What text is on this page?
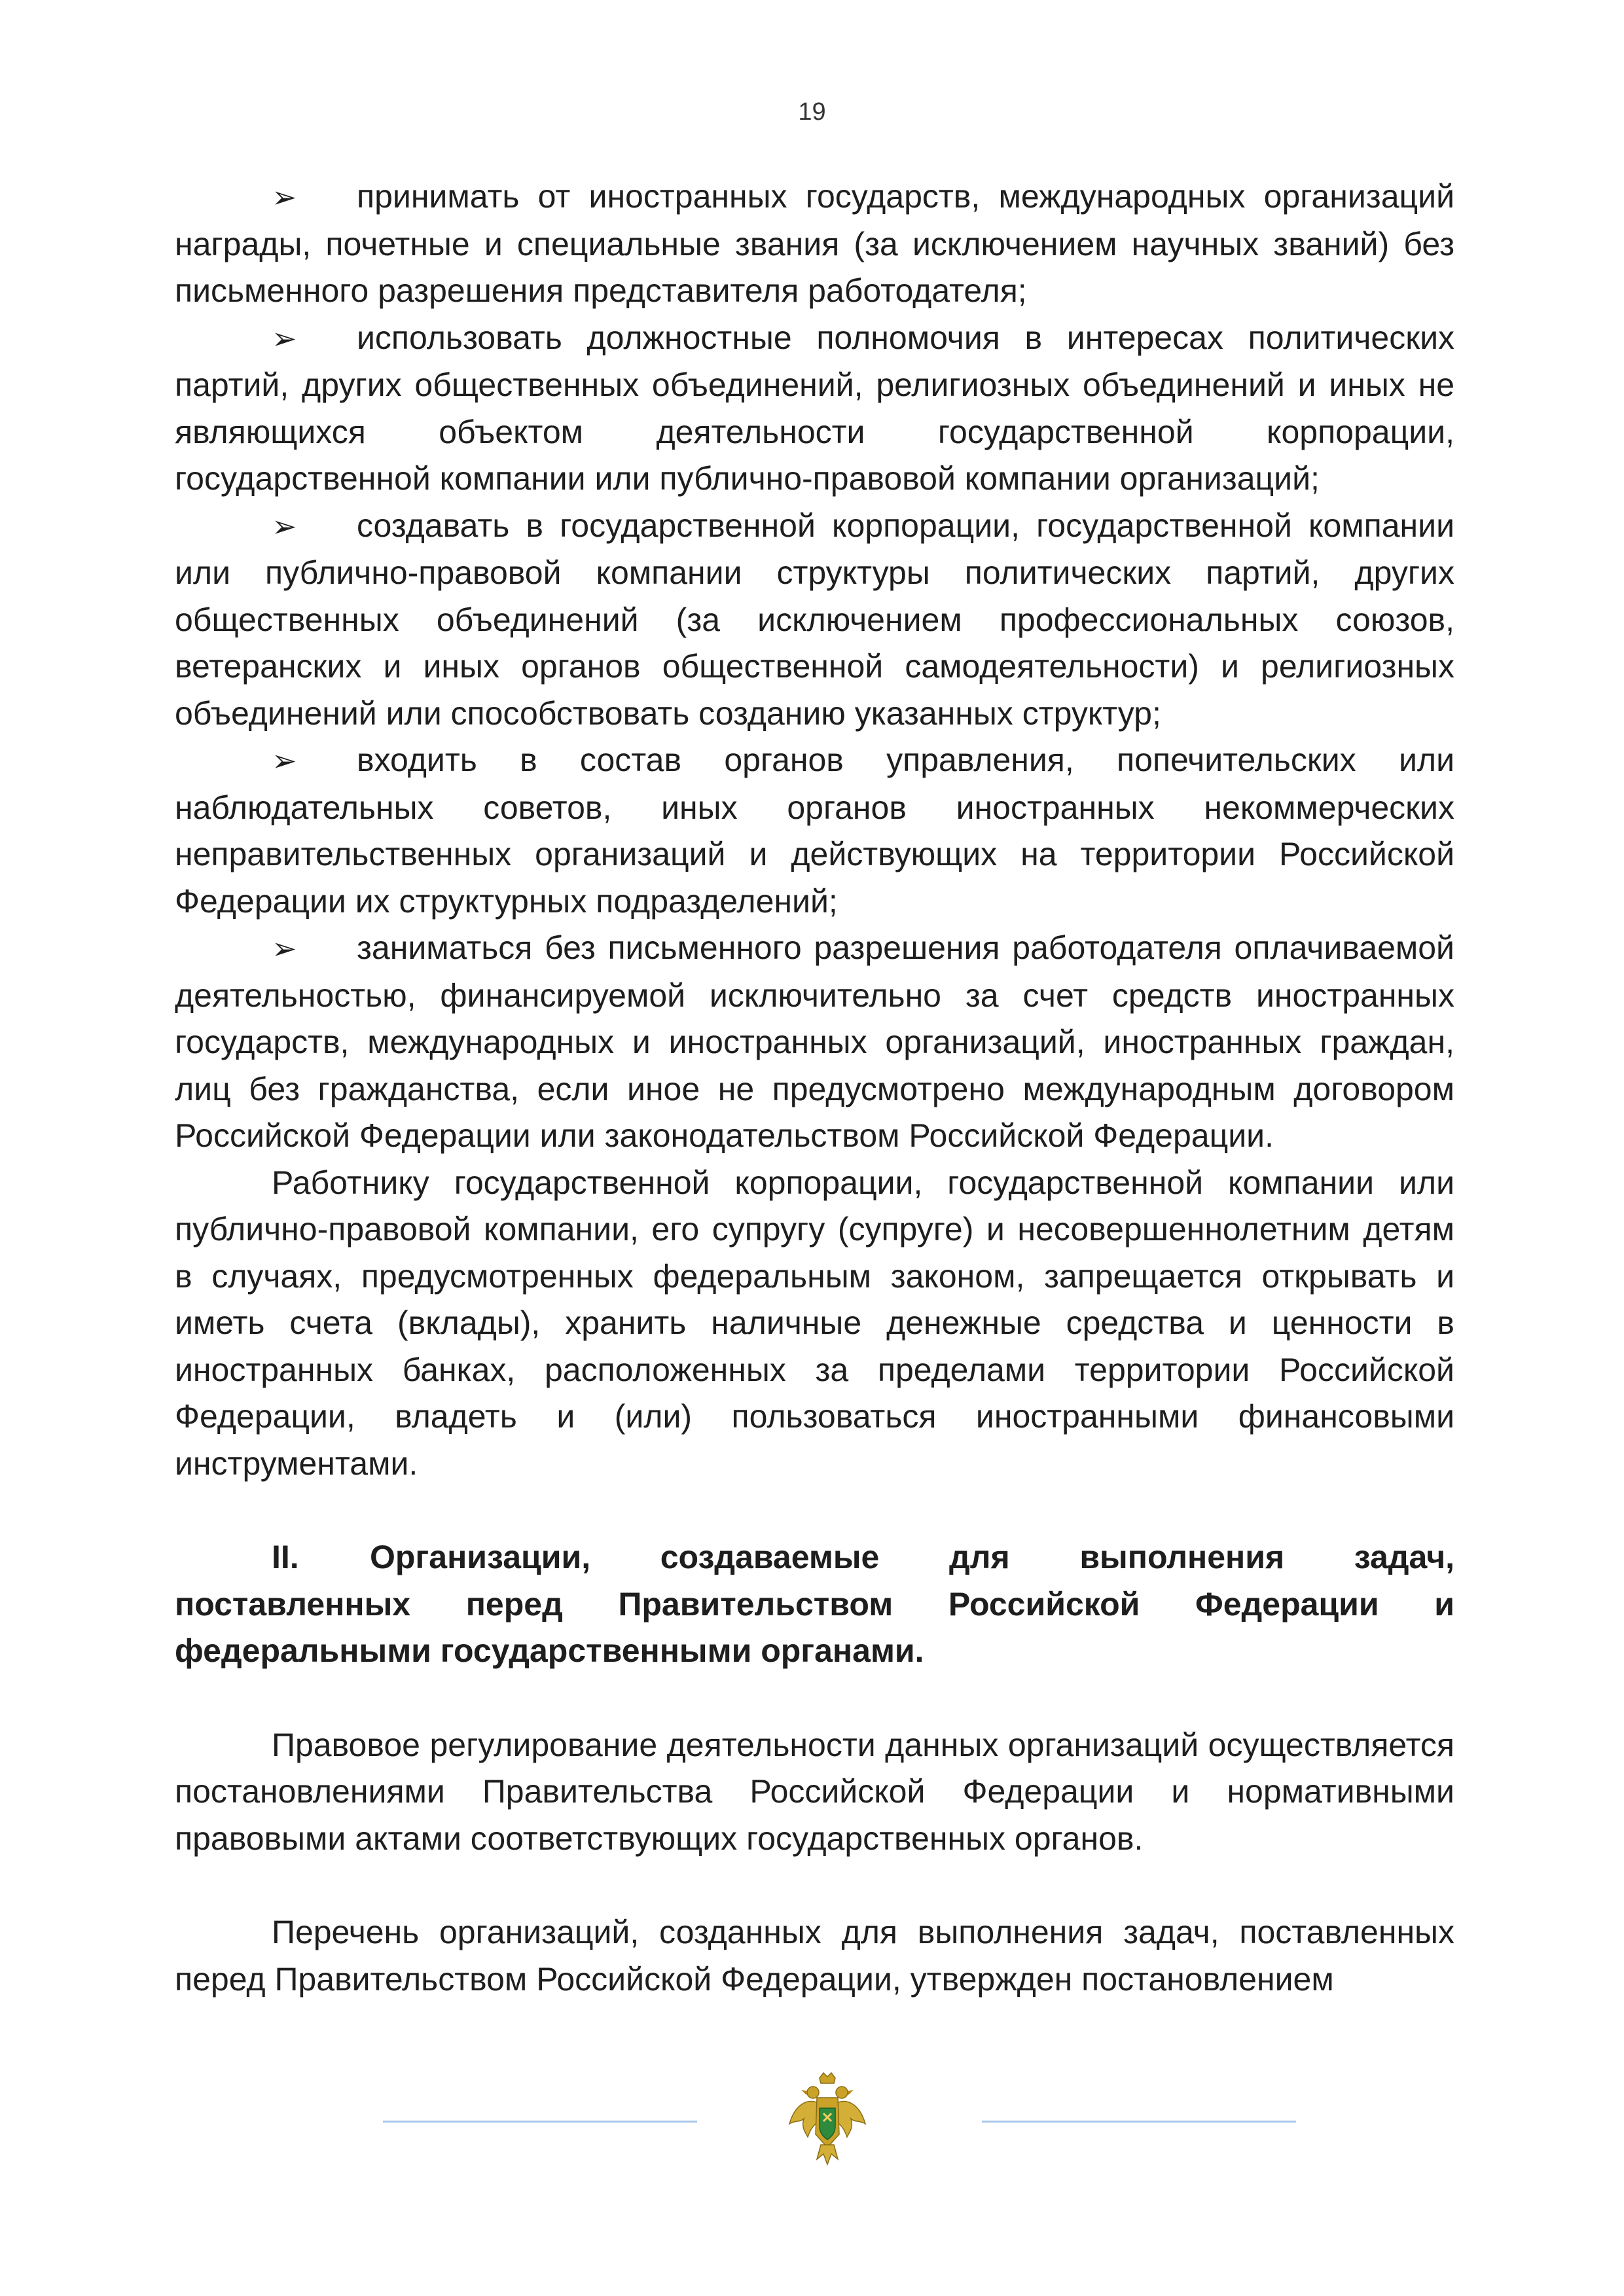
19

➢ принимать от иностранных государств, международных организаций награды, почетные и специальные звания (за исключением научных званий) без письменного разрешения представителя работодателя;

➢ использовать должностные полномочия в интересах политических партий, других общественных объединений, религиозных объединений и иных не являющихся объектом деятельности государственной корпорации, государственной компании или публично-правовой компании организаций;

➢ создавать в государственной корпорации, государственной компании или публично-правовой компании структуры политических партий, других общественных объединений (за исключением профессиональных союзов, ветеранских и иных органов общественной самодеятельности) и религиозных объединений или способствовать созданию указанных структур;

➢ входить в состав органов управления, попечительских или наблюдательных советов, иных органов иностранных некоммерческих неправительственных организаций и действующих на территории Российской Федерации их структурных подразделений;

➢ заниматься без письменного разрешения работодателя оплачиваемой деятельностью, финансируемой исключительно за счет средств иностранных государств, международных и иностранных организаций, иностранных граждан, лиц без гражданства, если иное не предусмотрено международным договором Российской Федерации или законодательством Российской Федерации.

Работнику государственной корпорации, государственной компании или публично-правовой компании, его супругу (супруге) и несовершеннолетним детям в случаях, предусмотренных федеральным законом, запрещается открывать и иметь счета (вклады), хранить наличные денежные средства и ценности в иностранных банках, расположенных за пределами территории Российской Федерации, владеть и (или) пользоваться иностранными финансовыми инструментами.

II. Организации, создаваемые для выполнения задач, поставленных перед Правительством Российской Федерации и федеральными государственными органами.

Правовое регулирование деятельности данных организаций осуществляется постановлениями Правительства Российской Федерации и нормативными правовыми актами соответствующих государственных органов.

Перечень организаций, созданных для выполнения задач, поставленных перед Правительством Российской Федерации, утвержден постановлением
